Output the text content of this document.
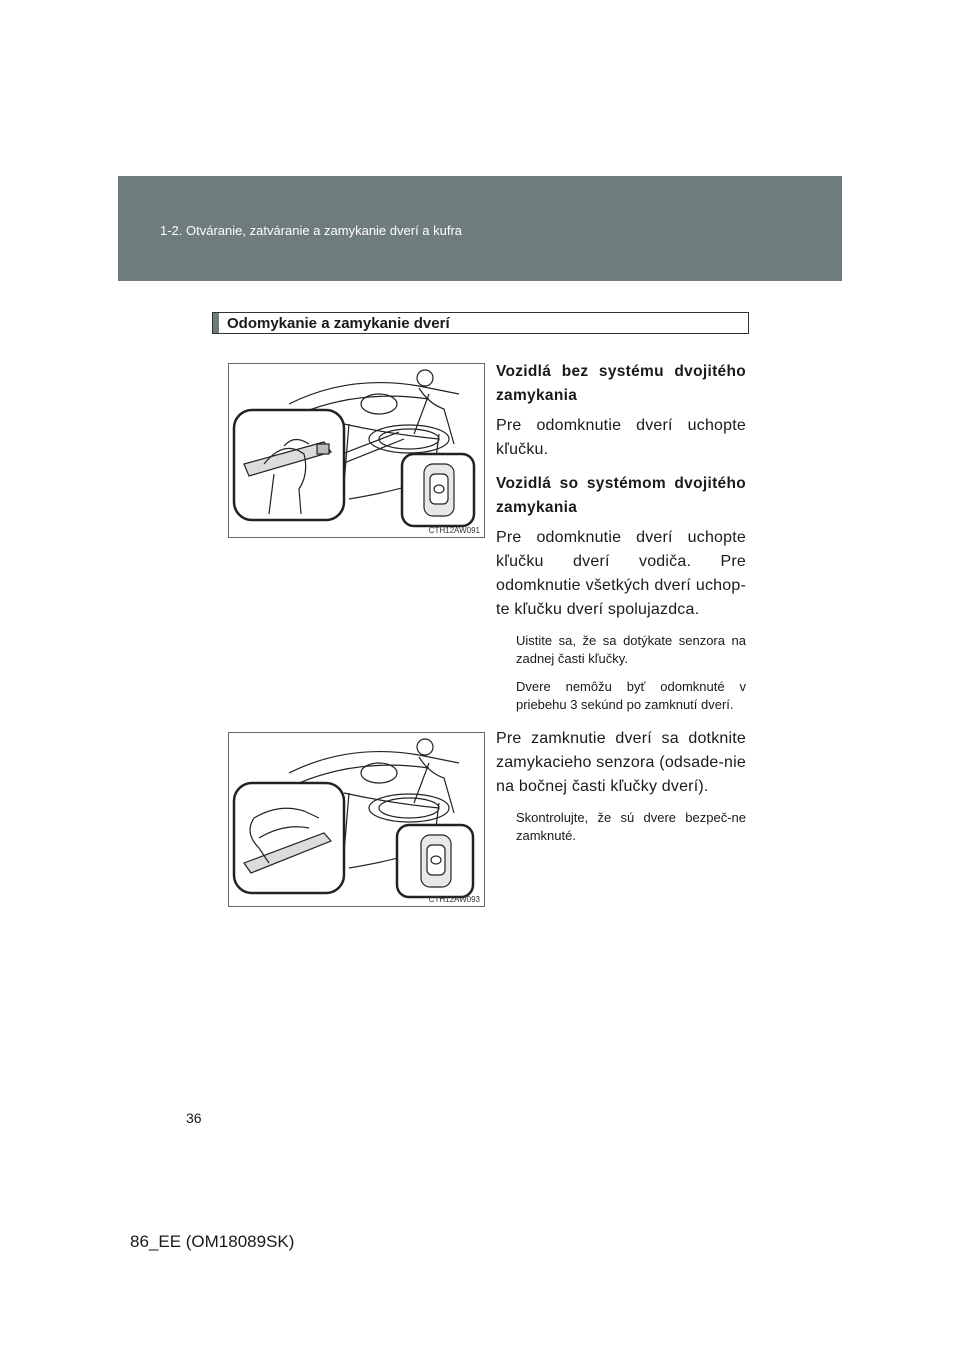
1-2. Otváranie, zatváranie a zamykanie dverí a kufra
Odomykanie a zamykanie dverí
CTH12AW091
CTH12AW093

Vozidlá bez systému dvojitého zamykania

Pre odomknutie dverí uchopte kľučku.

Vozidlá so systémom dvojitého zamykania

Pre odomknutie dverí uchopte kľučku dverí vodiča. Pre odomknutie všetkých dverí uchop-te kľučku dverí spolujazdca.

Uistite sa, že sa dotýkate senzora na zadnej časti kľučky.

Dvere nemôžu byť odomknuté v priebehu 3 sekúnd po zamknutí dverí.

Pre zamknutie dverí sa dotknite zamykacieho senzora (odsade-nie na bočnej časti kľučky dverí).

Skontrolujte, že sú dvere bezpeč-ne zamknuté.

36
86_EE (OM18089SK)
